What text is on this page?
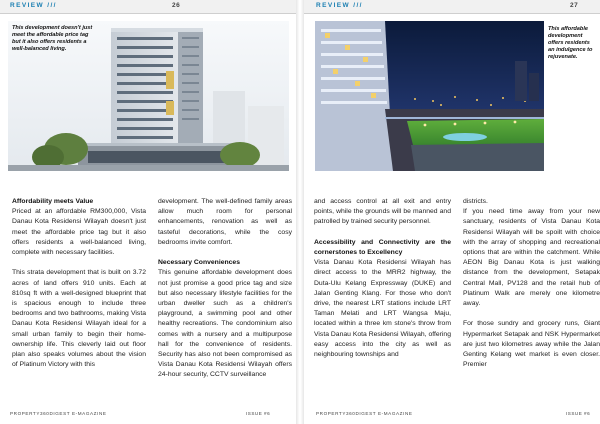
REVIEW ///	26
This development doesn't just meet the affordable price tag but it also offers residents a well-balanced living.
Affordability meets Value

Priced at an affordable RM300,000, Vista Danau Kota Residensi Wilayah doesn't just meet the affordable price tag but it also offers residents a well-balanced living, complete with necessary facilities.

This strata development that is built on 3.72 acres of land offers 910 units. Each at 810sq ft with a well-designed blueprint that is spacious enough to include three bedrooms and two bathrooms, making Vista Danau Kota Residensi Wilayah ideal for a small urban family to begin their home-ownership life. This cleverly laid out floor plan also speaks volumes about the vision of Platinum Victory with this

development. The well-defined family areas allow much room for personal enhancements, renovation as well as tasteful decorations, while the cosy bedrooms invite comfort.

Necessary Conveniences

This genuine affordable development does not just promise a good price tag and size but also necessary lifestyle facilities for the urban dweller such as a children's playground, a swimming pool and other healthy recreations. The condominium also comes with a nursery and a multipurpose hall for the convenience of residents. Security has also not been compromised as Vista Danau Kota Residensi Wilayah offers 24-hour security, CCTV surveillance

PROPERTY360DIGEST E-MAGAZINE	ISSUE #6
REVIEW ///	27
This affordable development offers residents an indulgence to rejuvenate.

and access control at all exit and entry points, while the grounds will be manned and patrolled by trained security personnel.

Accessibility and Connectivity are the cornerstones to Excellency

Vista Danau Kota Residensi Wilayah has direct access to the MRR2 highway, the Duta-Ulu Kelang Expressway (DUKE) and Jalan Genting Klang. For those who don't drive, the nearest LRT stations include LRT Taman Melati and LRT Wangsa Maju, located within a three km stone's throw from Vista Danau Kota Residensi Wilayah, offering easy access into the city as well as neighbouring townships and

districts.

If you need time away from your new sanctuary, residents of Vista Danau Kota Residensi Wilayah will be spoilt with choice with the array of shopping and recreational options that are within the catchment. While AEON Big Danau Kota is just walking distance from the development, Setapak Central Mall, PV128 and the retail hub of Platinum Walk are merely one kilometre away.

For those sundry and grocery runs, Giant Hypermarket Setapak and NSK Hypermarket are just two kilometres away while the Jalan Genting Kelang wet market is even closer. Premier

PROPERTY360DIGEST E-MAGAZINE	ISSUE #6
